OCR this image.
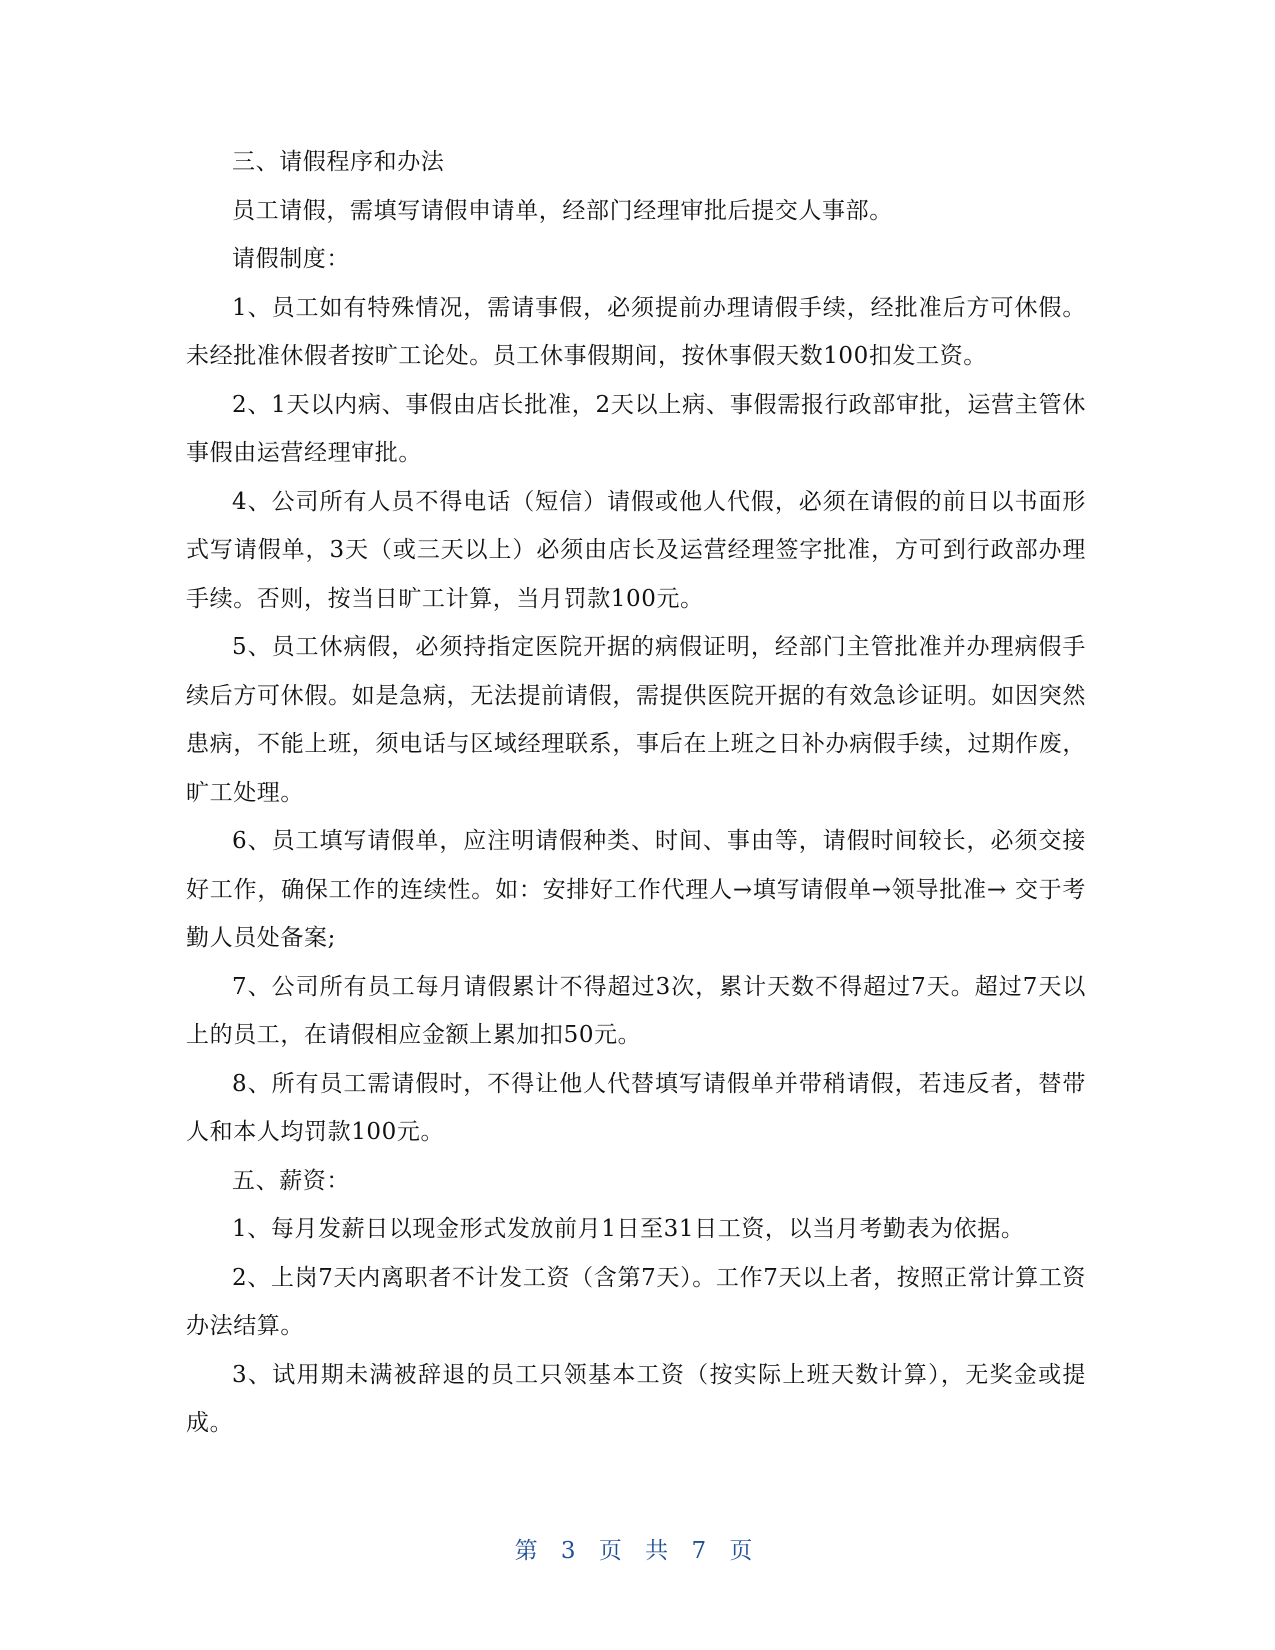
三、请假程序和办法

员工请假，需填写请假申请单，经部门经理审批后提交人事部。

请假制度：

1、员工如有特殊情况，需请事假，必须提前办理请假手续，经批准后方可休假。未经批准休假者按旷工论处。员工休事假期间，按休事假天数100扣发工资。

2、1天以内病、事假由店长批准，2天以上病、事假需报行政部审批，运营主管休事假由运营经理审批。

4、公司所有人员不得电话（短信）请假或他人代假，必须在请假的前日以书面形式写请假单，3天（或三天以上）必须由店长及运营经理签字批准，方可到行政部办理手续。否则，按当日旷工计算，当月罚款100元。

5、员工休病假，必须持指定医院开据的病假证明，经部门主管批准并办理病假手续后方可休假。如是急病，无法提前请假，需提供医院开据的有效急诊证明。如因突然患病，不能上班，须电话与区域经理联系，事后在上班之日补办病假手续，过期作废，旷工处理。

6、员工填写请假单，应注明请假种类、时间、事由等，请假时间较长，必须交接好工作，确保工作的连续性。如：安排好工作代理人→填写请假单→领导批准→ 交于考勤人员处备案;

7、公司所有员工每月请假累计不得超过3次，累计天数不得超过7天。超过7天以上的员工，在请假相应金额上累加扣50元。

8、所有员工需请假时，不得让他人代替填写请假单并带稍请假，若违反者，替带人和本人均罚款100元。

五、薪资：

1、每月发薪日以现金形式发放前月1日至31日工资，以当月考勤表为依据。

2、上岗7天内离职者不计发工资（含第7天）。工作7天以上者，按照正常计算工资办法结算。

3、试用期未满被辞退的员工只领基本工资（按实际上班天数计算），无奖金或提成。

第 3 页 共 7 页
